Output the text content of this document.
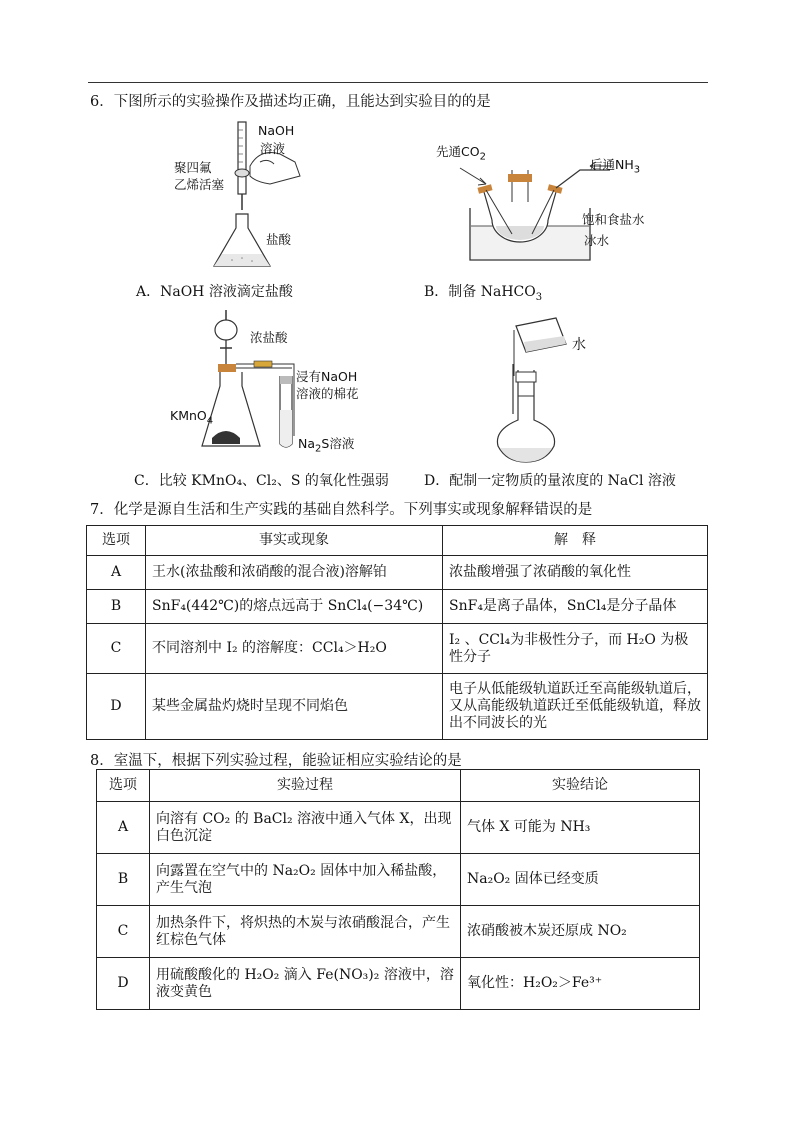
6．下图所示的实验操作及描述均正确，且能达到实验目的的是
NaOH
溶液
聚四氟
乙烯活塞
盐酸
A．NaOH 溶液滴定盐酸
先通$CO_2$	后通$NH_3$
饱和食盐水
冰水
B．制备 NaHCO$_3$
浓盐酸
浸有NaOH
溶液的棉花
KMnO$_4$
$Na_2S$溶液
C．比较 KMnO₄、Cl₂、S 的氧化性强弱
水
D．配制一定物质的量浓度的 NaCl 溶液
7．化学是源自生活和生产实践的基础自然科学。下列事实或现象解释错误的是
选项	事实或现象	解　释
A	王水(浓盐酸和浓硝酸的混合液)溶解铂	浓盐酸增强了浓硝酸的氧化性
B	SnF₄(442℃)的熔点远高于 SnCl₄(−34℃)	SnF₄是离子晶体，SnCl₄是分子晶体
C	不同溶剂中 I₂ 的溶解度：CCl₄＞H₂O	I₂ 、CCl₄为非极性分子，而 H₂O 为极性分子
D	某些金属盐灼烧时呈现不同焰色	电子从低能级轨道跃迁至高能级轨道后，又从高能级轨道跃迁至低能级轨道，释放出不同波长的光
8．室温下，根据下列实验过程，能验证相应实验结论的是
选项	实验过程	实验结论
A	向溶有 CO₂ 的 BaCl₂ 溶液中通入气体 X，出现白色沉淀	气体 X 可能为 NH₃
B	向露置在空气中的 Na₂O₂ 固体中加入稀盐酸，产生气泡	Na₂O₂ 固体已经变质
C	加热条件下，将炽热的木炭与浓硝酸混合，产生红棕色气体	浓硝酸被木炭还原成 NO₂
D	用硫酸酸化的 H₂O₂ 滴入 Fe(NO₃)₂ 溶液中，溶液变黄色	氧化性：H₂O₂＞Fe³⁺
